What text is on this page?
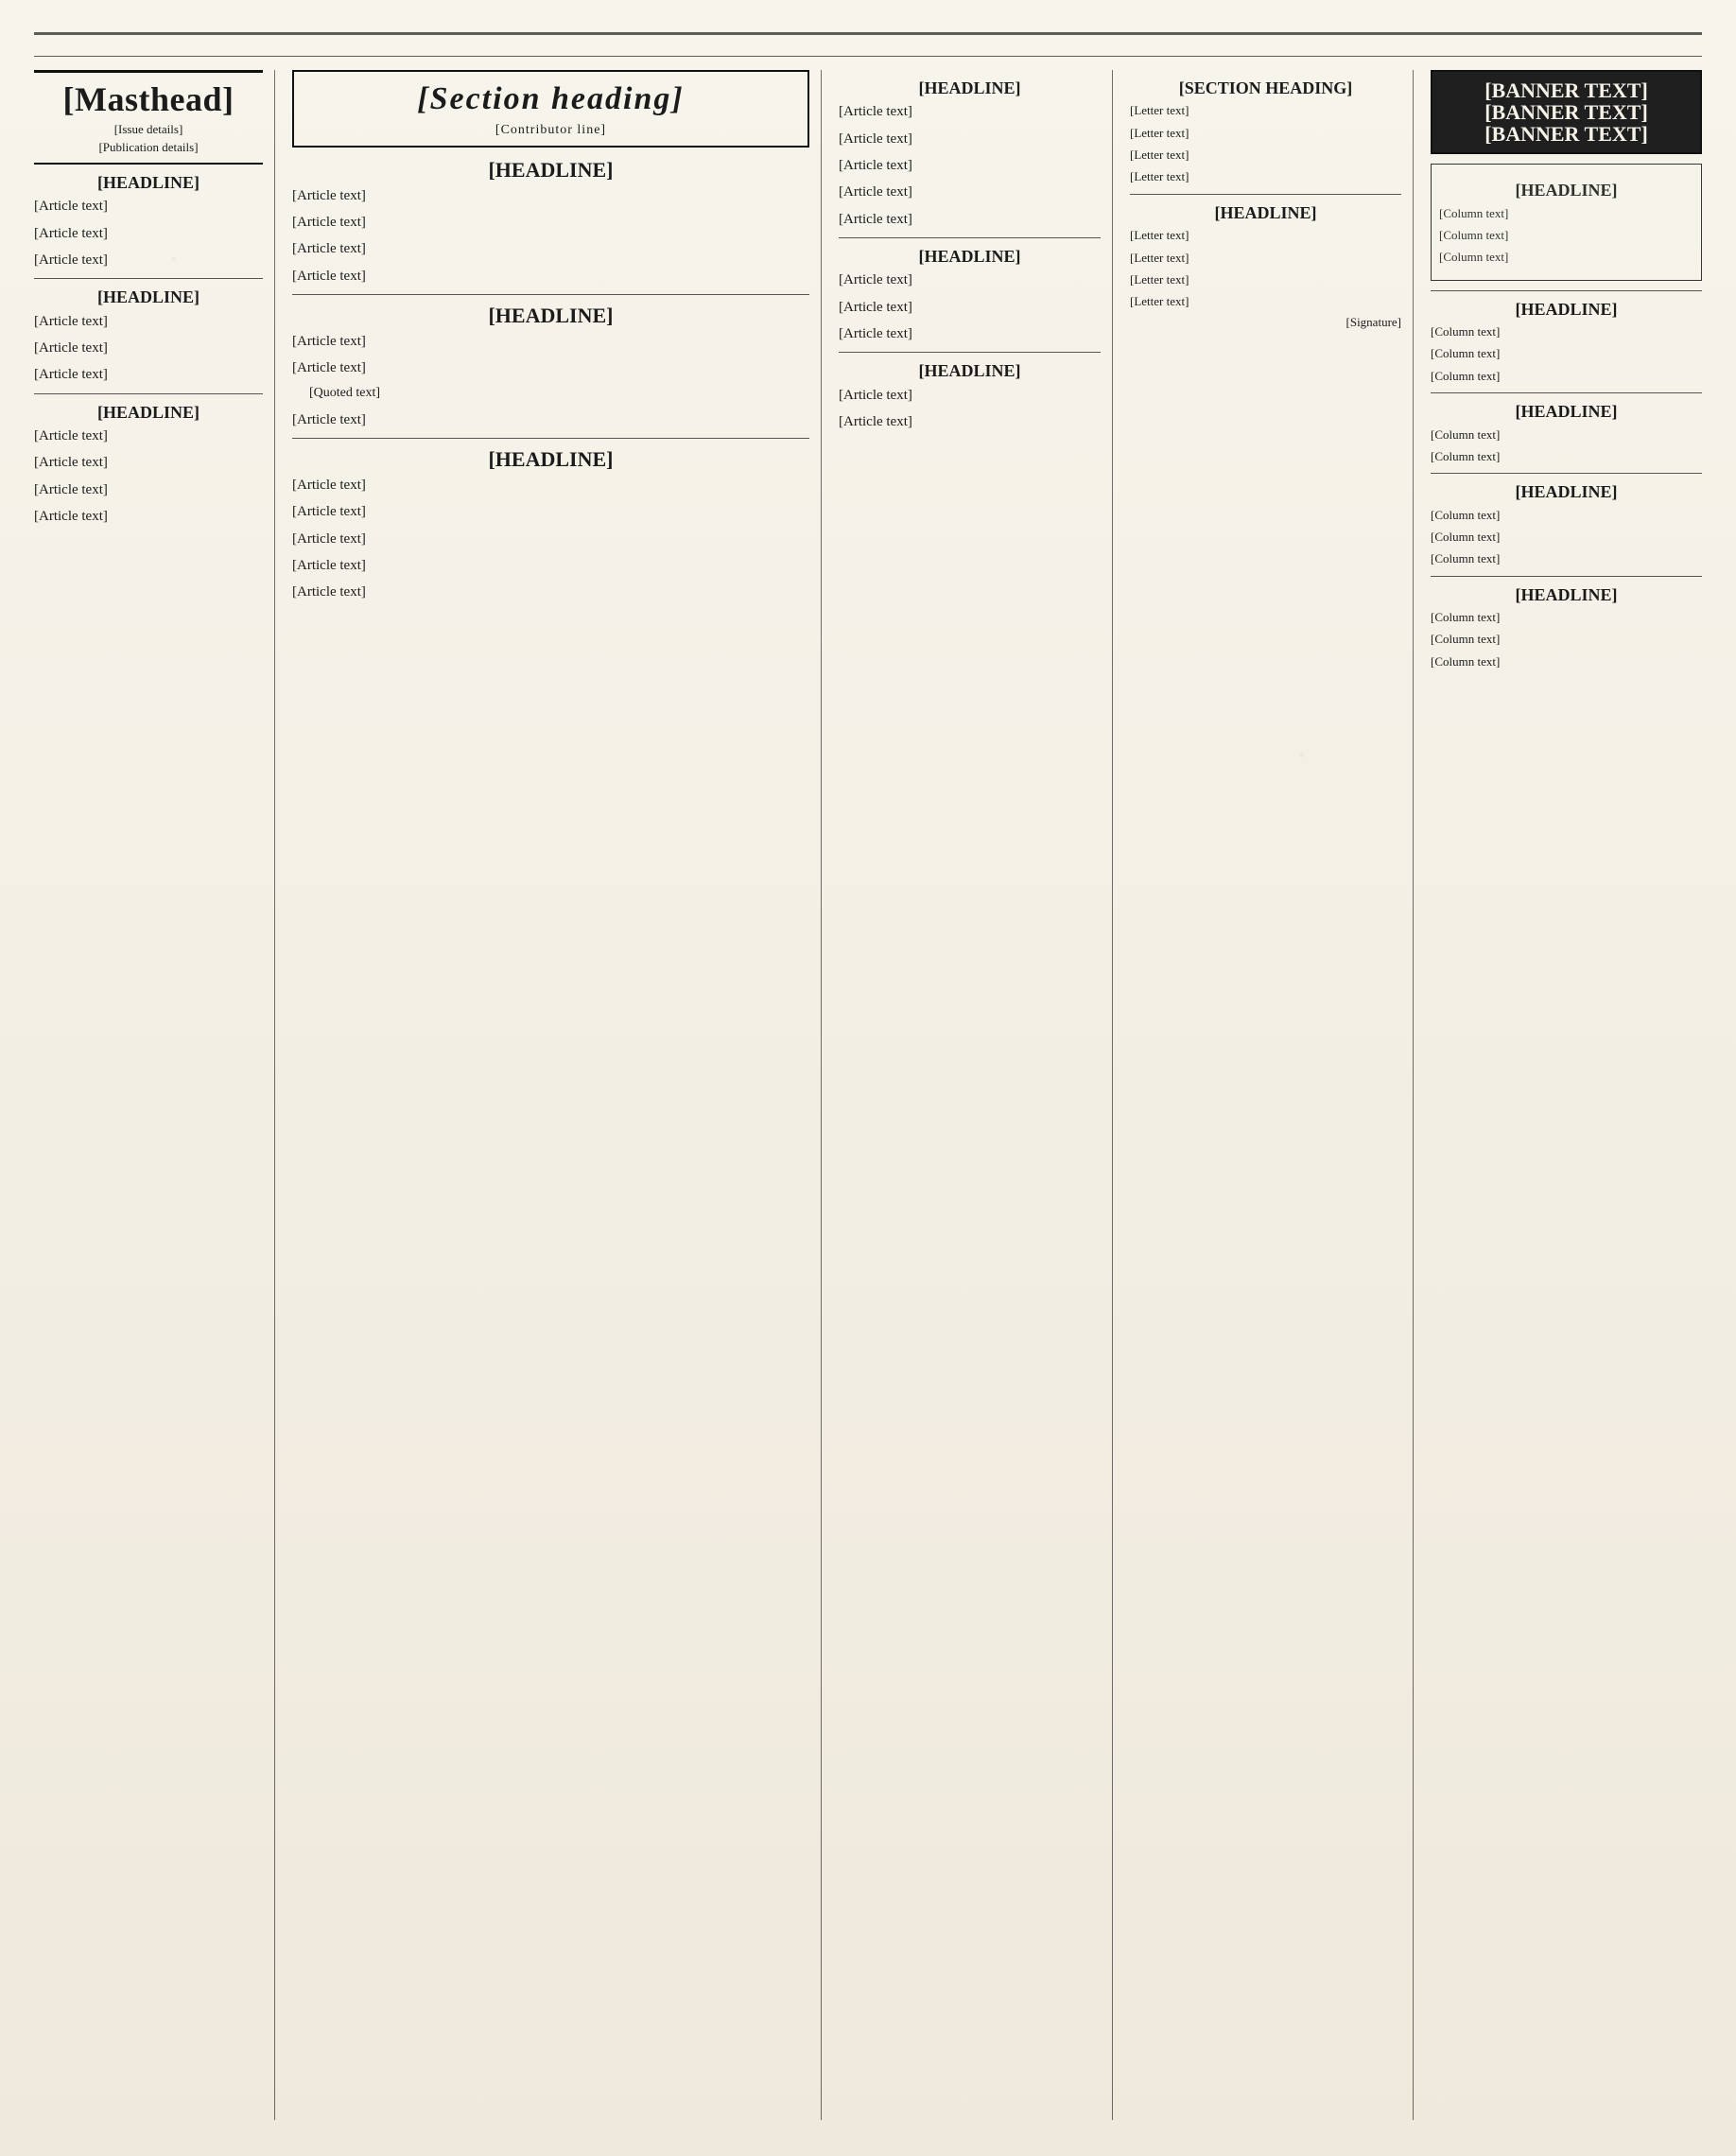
[Masthead]
[Issue details]
[Publication details]
[HEADLINE]

[Article text]

[Article text]

[Article text]

[HEADLINE]

[Article text]

[Article text]

[Article text]

[HEADLINE]

[Article text]

[Article text]

[Article text]

[Article text]

[Section heading]
[Contributor line]
[HEADLINE]

[Article text]

[Article text]

[Article text]

[Article text]

[HEADLINE]

[Article text]

[Article text]

[Quoted text]

[Article text]

[HEADLINE]

[Article text]

[Article text]

[Article text]

[Article text]

[Article text]

[HEADLINE]

[Article text]

[Article text]

[Article text]

[Article text]

[Article text]

[HEADLINE]

[Article text]

[Article text]

[Article text]

[HEADLINE]

[Article text]

[Article text]

[SECTION HEADING]

[Letter text]

[Letter text]

[Letter text]

[Letter text]

[HEADLINE]

[Letter text]

[Letter text]

[Letter text]

[Letter text]

[Signature]
[BANNER TEXT]
[BANNER TEXT]
[BANNER TEXT]
[HEADLINE]

[Column text]

[Column text]

[Column text]

[HEADLINE]

[Column text]

[Column text]

[Column text]

[HEADLINE]

[Column text]

[Column text]

[HEADLINE]

[Column text]

[Column text]

[Column text]

[HEADLINE]

[Column text]

[Column text]

[Column text]
